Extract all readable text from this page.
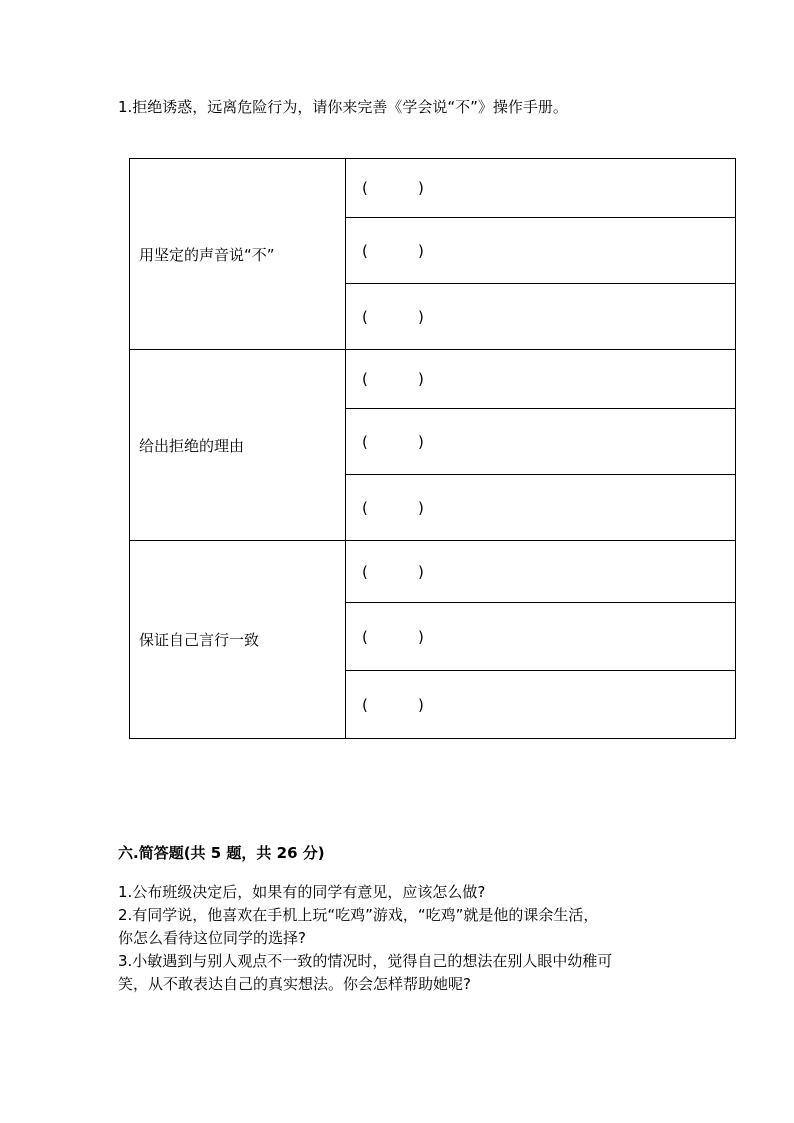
1.拒绝诱惑，远离危险行为，请你来完善《学会说“不”》操作手册。
用坚定的声音说“不”	( )
	( )
	( )
给出拒绝的理由	( )
	( )
	( )
保证自己言行一致	( )
	( )
	( )
六.简答题(共 5 题，共 26 分)
1.公布班级决定后，如果有的同学有意见，应该怎么做?
2.有同学说，他喜欢在手机上玩“吃鸡”游戏，“吃鸡”就是他的课余生活，
你怎么看待这位同学的选择?
3.小敏遇到与别人观点不一致的情况时，觉得自己的想法在别人眼中幼稚可
笑，从不敢表达自己的真实想法。你会怎样帮助她呢?
